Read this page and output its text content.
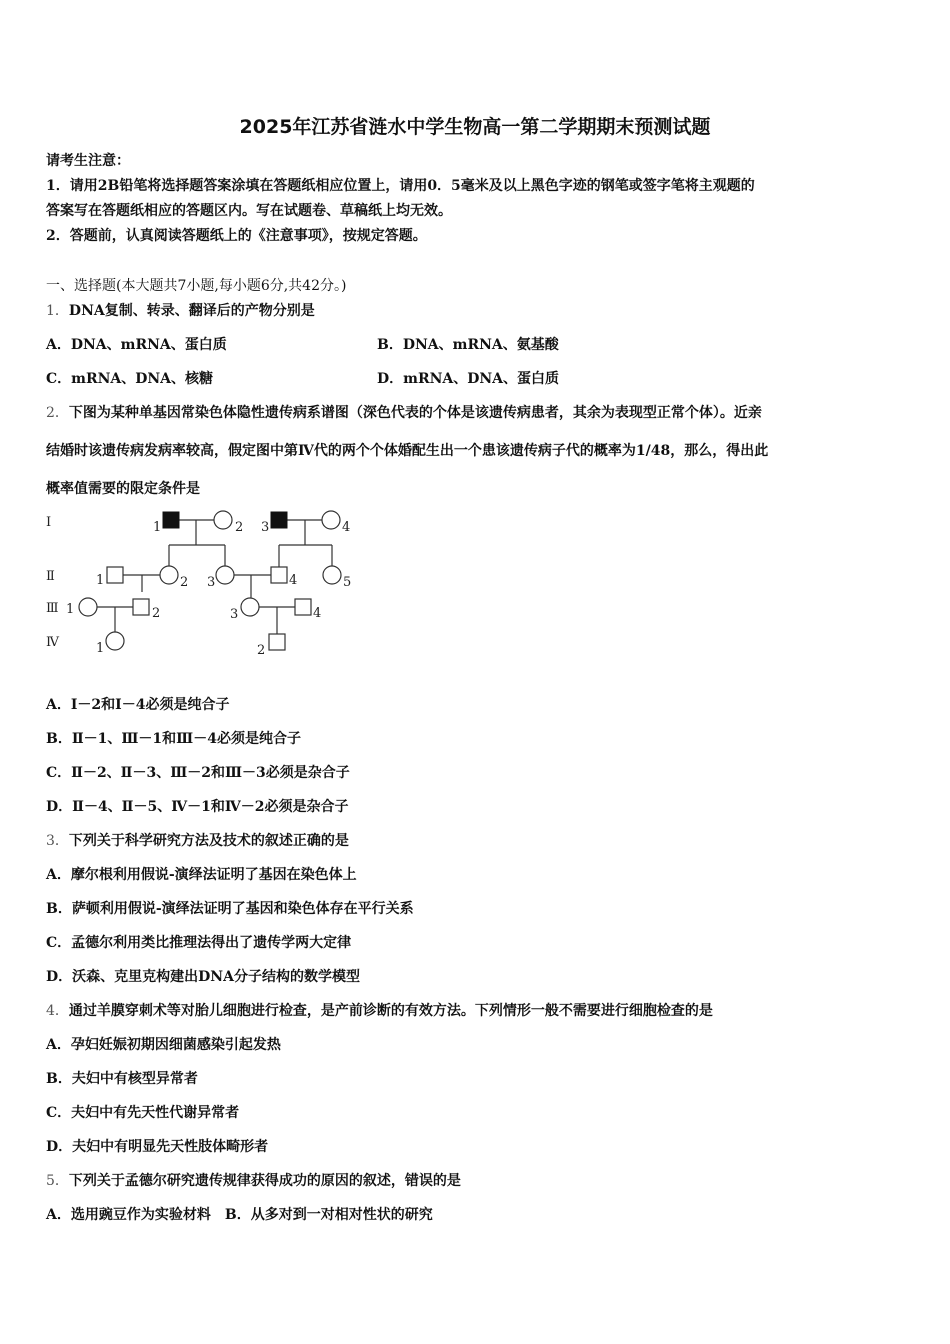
2025年江苏省涟水中学生物高一第二学期期末预测试题
请考生注意：
1．请用2B铅笔将选择题答案涂填在答题纸相应位置上，请用0．5毫米及以上黑色字迹的钢笔或签字笔将主观题的
答案写在答题纸相应的答题区内。写在试题卷、草稿纸上均无效。
2．答题前，认真阅读答题纸上的《注意事项》，按规定答题。
一、选择题(本大题共7小题,每小题6分,共42分。)
1．DNA复制、转录、翻译后的产物分别是
A．DNA、mRNA、蛋白质	B．DNA、mRNA、氨基酸
C．mRNA、DNA、核糖	D．mRNA、DNA、蛋白质
2．下图为某种单基因常染色体隐性遗传病系谱图（深色代表的个体是该遗传病患者，其余为表现型正常个体）。近亲
结婚时该遗传病发病率较高，假定图中第Ⅳ代的两个个体婚配生出一个患该遗传病子代的概率为1/48，那么，得出此
概率值需要的限定条件是
Ⅰ
Ⅱ
Ⅲ
Ⅳ
1	2 3	4
1	2 3	4	5
1	2	3	4
1	2
A．Ⅰ－2和Ⅰ－4必须是纯合子
B．Ⅱ－1、Ⅲ－1和Ⅲ－4必须是纯合子
C．Ⅱ－2、Ⅱ－3、Ⅲ－2和Ⅲ－3必须是杂合子
D．Ⅱ－4、Ⅱ－5、Ⅳ－1和Ⅳ－2必须是杂合子
3．下列关于科学研究方法及技术的叙述正确的是
A．摩尔根利用假说-演绎法证明了基因在染色体上
B．萨顿利用假说-演绎法证明了基因和染色体存在平行关系
C．孟德尔利用类比推理法得出了遗传学两大定律
D．沃森、克里克构建出DNA分子结构的数学模型
4．通过羊膜穿刺术等对胎儿细胞进行检查，是产前诊断的有效方法。下列情形一般不需要进行细胞检查的是
A．孕妇妊娠初期因细菌感染引起发热
B．夫妇中有核型异常者
C．夫妇中有先天性代谢异常者
D．夫妇中有明显先天性肢体畸形者
5．下列关于孟德尔研究遗传规律获得成功的原因的叙述，错误的是
A．选用豌豆作为实验材料　B．从多对到一对相对性状的研究
